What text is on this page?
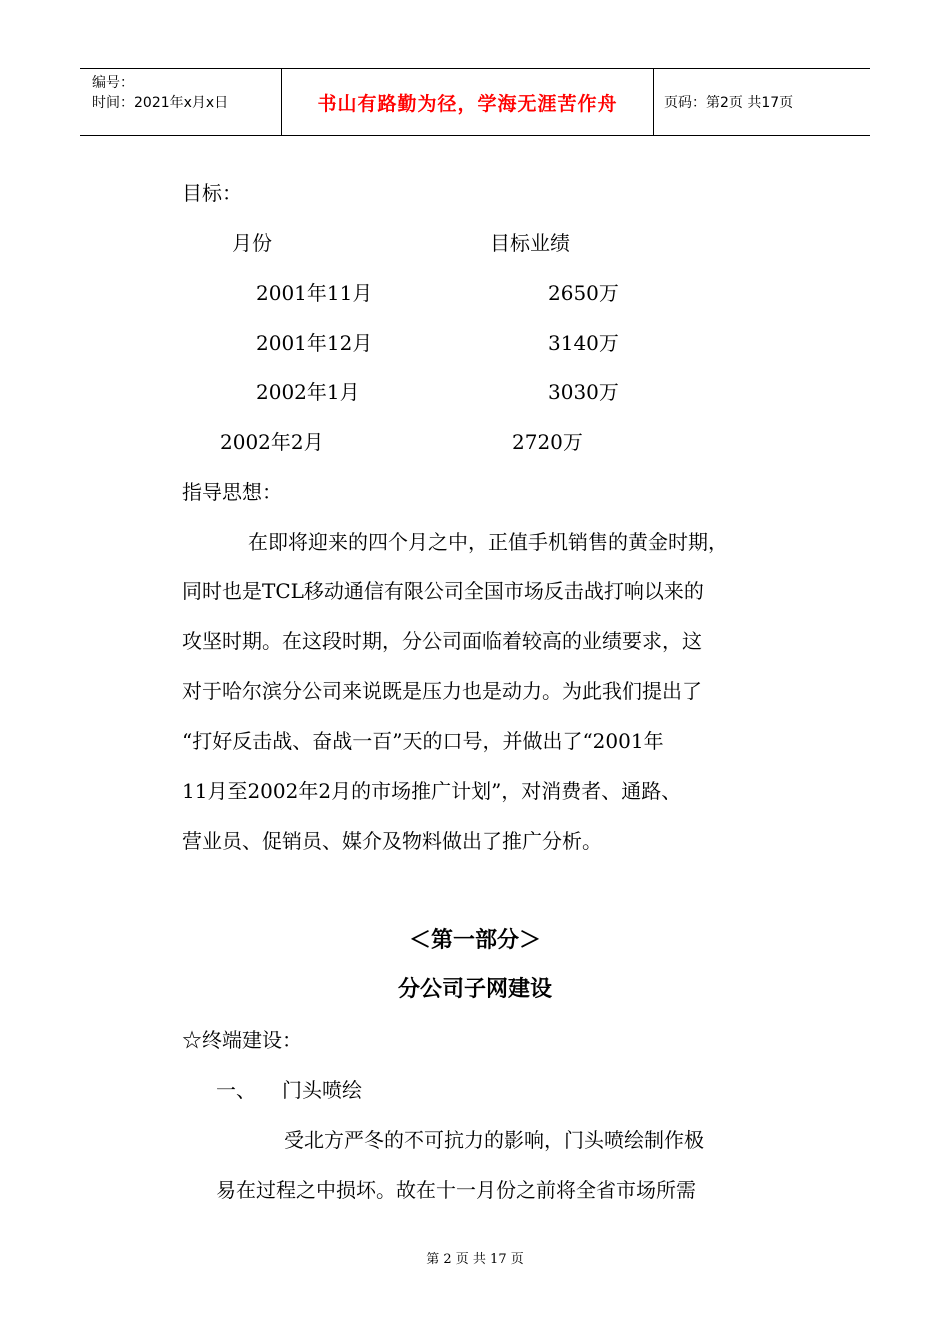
编号：
时间：2021年x月x日	书山有路勤为径，学海无涯苦作舟	页码：第2页 共17页
目标：
月份	目标业绩
2001年11月	2650万
2001年12月	3140万
2002年1月	3030万
2002年2月	2720万
指导思想：
在即将迎来的四个月之中，正值手机销售的黄金时期，
同时也是TCL移动通信有限公司全国市场反击战打响以来的
攻坚时期。在这段时期，分公司面临着较高的业绩要求，这
对于哈尔滨分公司来说既是压力也是动力。为此我们提出了
“打好反击战、奋战一百”天的口号，并做出了“2001年
11月至2002年2月的市场推广计划”，对消费者、通路、
营业员、促销员、媒介及物料做出了推广分析。
＜第一部分＞
分公司子网建设
☆终端建设：
一、 门头喷绘
受北方严冬的不可抗力的影响，门头喷绘制作极
易在过程之中损坏。故在十一月份之前将全省市场所需
第 2 页 共 17 页
